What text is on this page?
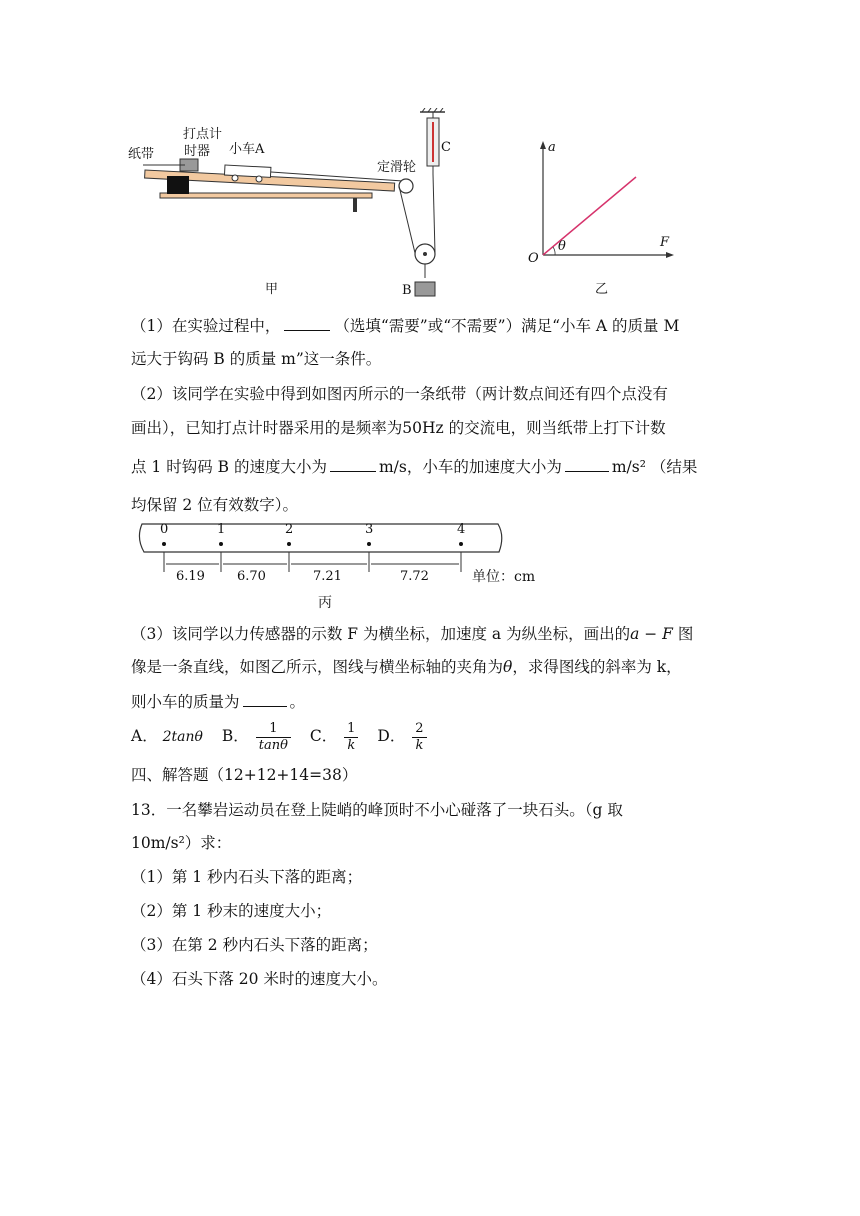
纸带
打点计
时器 小车A
定滑轮
C
B
甲
a
F
O
θ
乙
（1）在实验过程中，	（选填“需要”或“不需要”）满足“小车 A 的质量 M
远大于钩码 B 的质量 m”这一条件。
（2）该同学在实验中得到如图丙所示的一条纸带（两计数点间还有四个点没有
画出），已知打点计时器采用的是频率为50Hz 的交流电，则当纸带上打下计数
点 1 时钩码 B 的速度大小为	m/s，小车的加速度大小为	m/s² （结果
均保留 2 位有效数字）。
0	1	2	3	4
6.19 6.70	7.21	7.72	单位：cm
丙
（3）该同学以力传感器的示数 F 为横坐标，加速度 a 为纵坐标，画出的a − F 图
像是一条直线，如图乙所示，图线与横坐标轴的夹角为θ，求得图线的斜率为 k，
则小车的质量为	。
A． 2tanθ B． $\frac{1}{\tan\theta}$ C． $\frac{1}{k}$ D． $\frac{2}{k}$
四、解答题（12+12+14=38）
13．一名攀岩运动员在登上陡峭的峰顶时不小心碰落了一块石头。（g 取
10m/s²）求：
（1）第 1 秒内石头下落的距离；
（2）第 1 秒末的速度大小；
（3）在第 2 秒内石头下落的距离；
（4）石头下落 20 米时的速度大小。
